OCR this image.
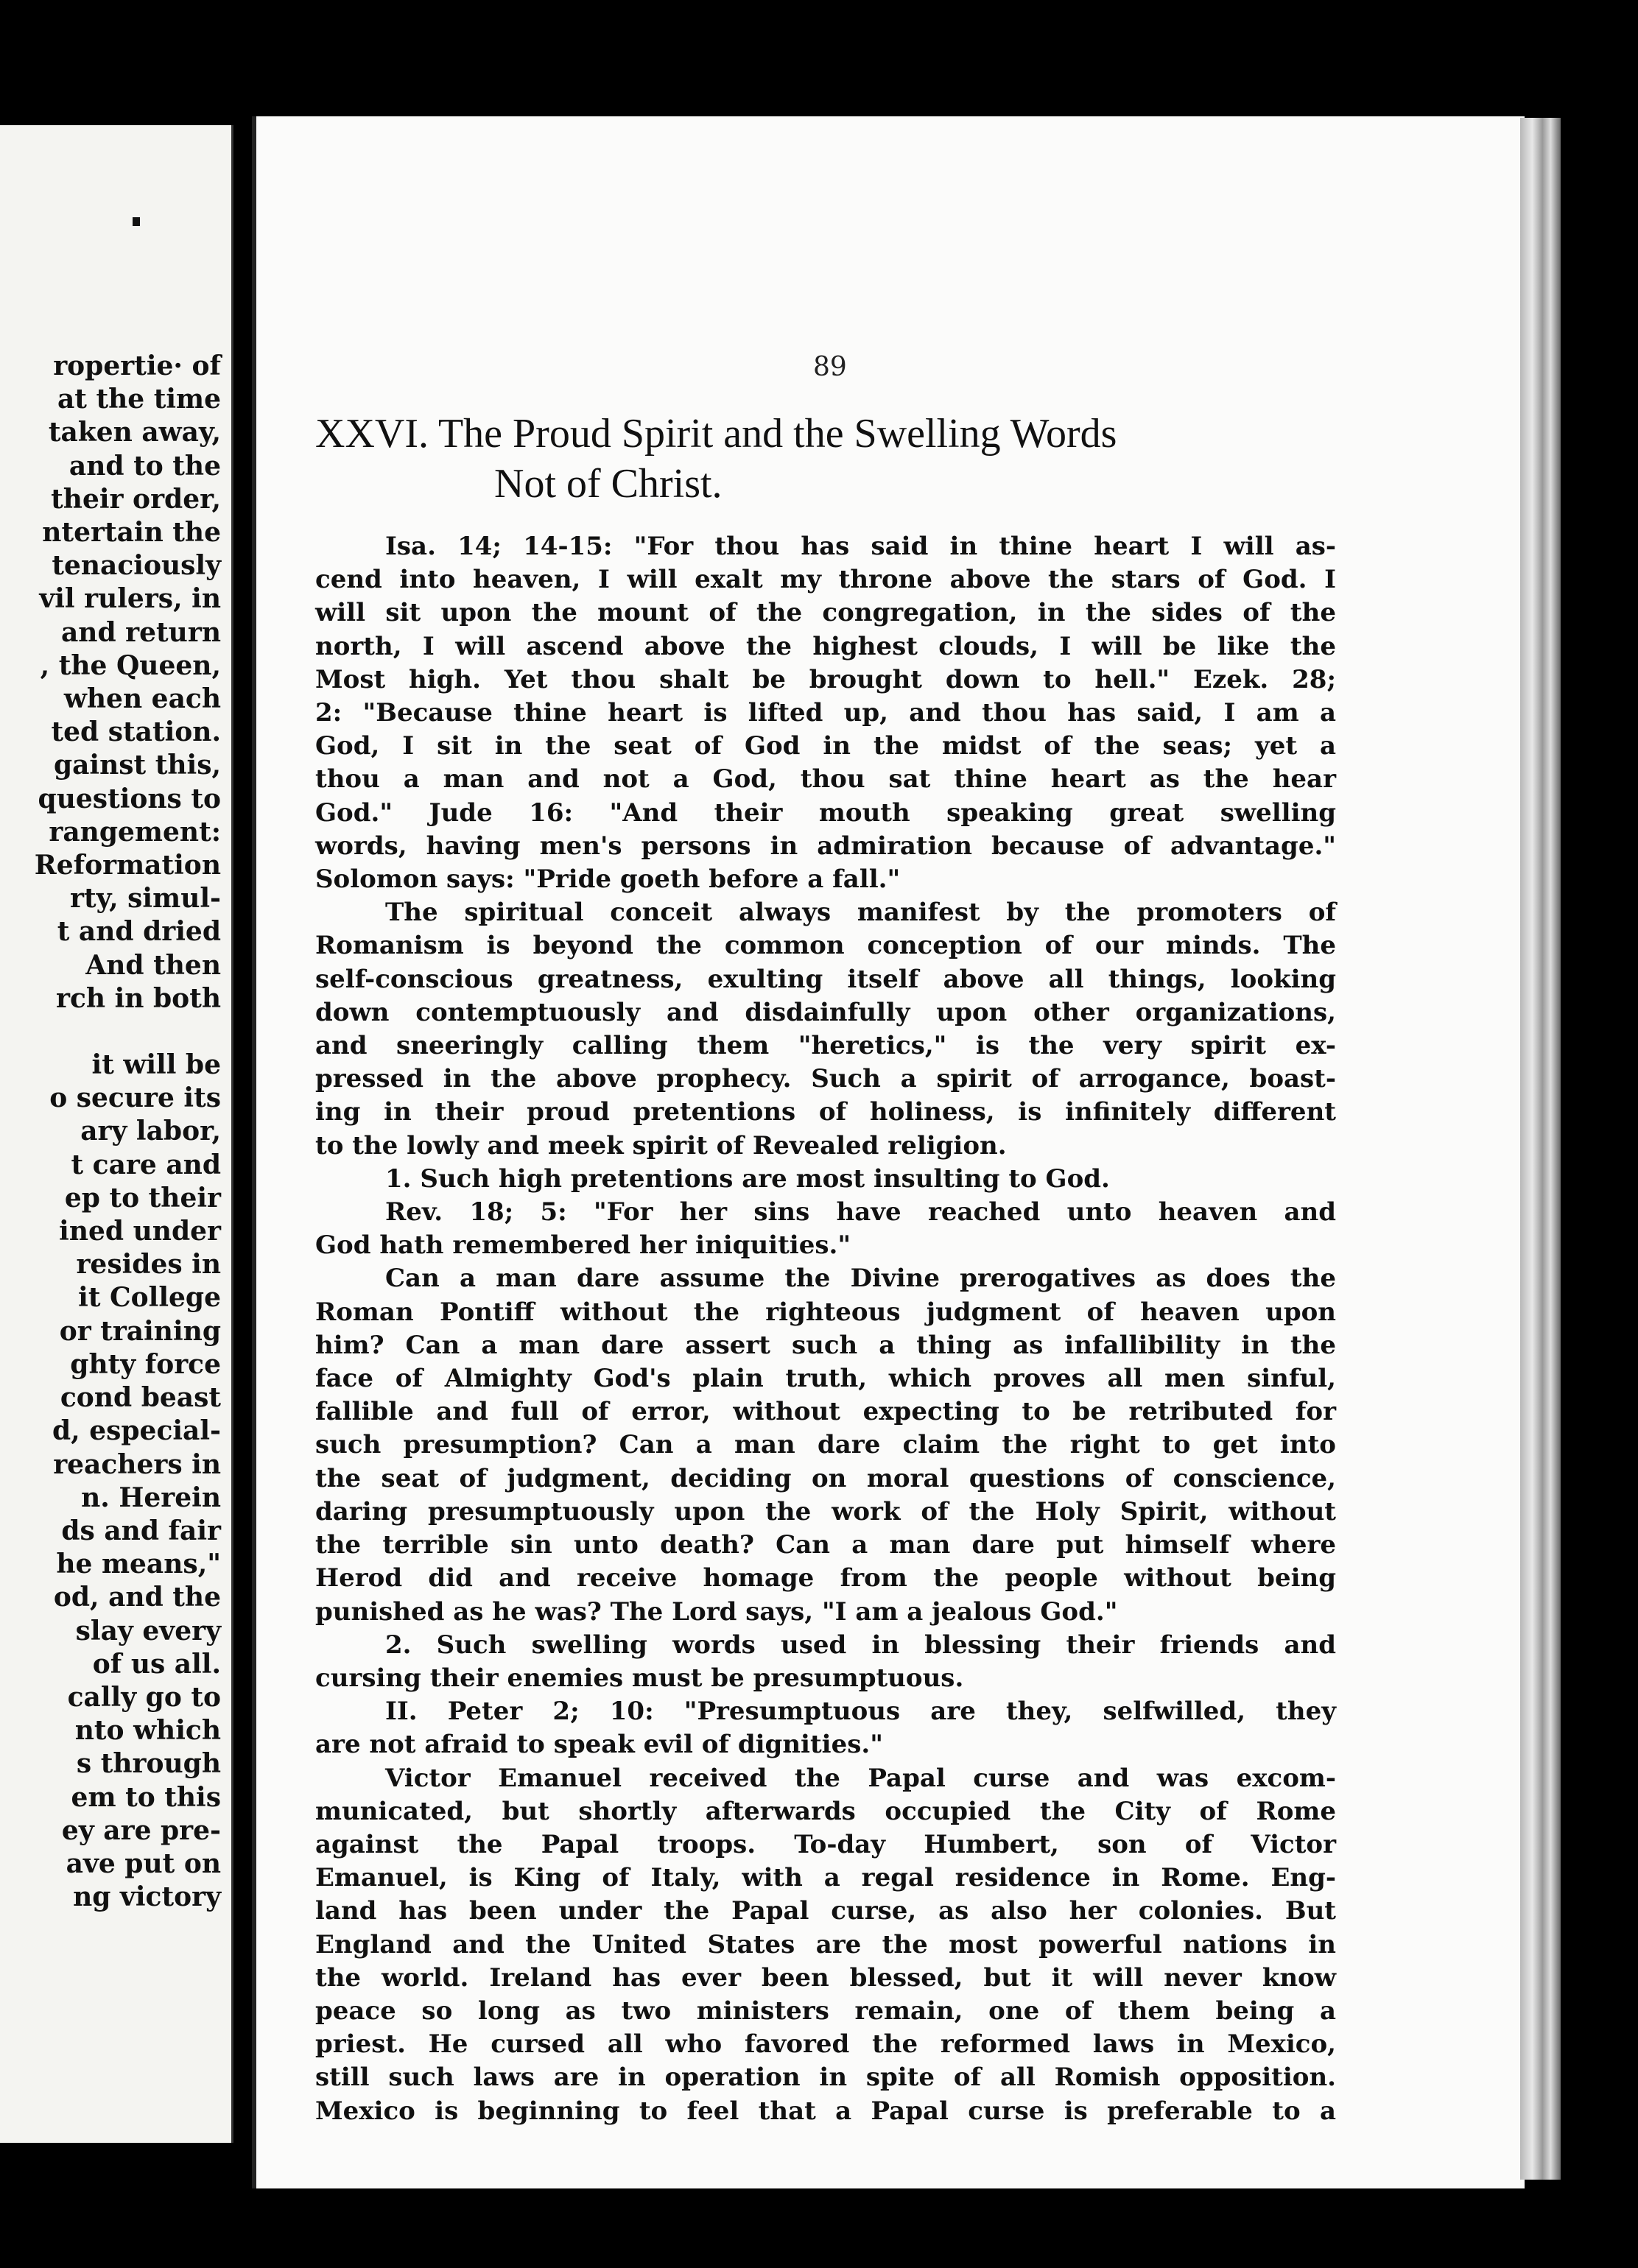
ropertie· of
at the time
taken away,
and to the
their order,
ntertain the
tenaciously
vil rulers, in
and return
, the Queen,
when each
ted station.
gainst this,
questions to
rangement:
Reformation
rty, simul-
t and dried
And then
rch in both
it will be
o secure its
ary labor,
t care and
ep to their
ined under
resides in
it College
or training
ghty force
cond beast
d, especial-
reachers in
n. Herein
ds and fair
he means,"
od, and the
slay every
of us all.
cally go to
nto which
s through
em to this
ey are pre-
ave put on
ng victory
89
XXVI. The Proud Spirit and the Swelling Words
Not of Christ.
Isa. 14; 14-15: "For thou has said in thine heart I will as-
cend into heaven, I will exalt my throne above the stars of God. I
will sit upon the mount of the congregation, in the sides of the
north, I will ascend above the highest clouds, I will be like the
Most high. Yet thou shalt be brought down to hell." Ezek. 28;
2: "Because thine heart is lifted up, and thou has said, I am a
God, I sit in the seat of God in the midst of the seas; yet a
thou a man and not a God, thou sat thine heart as the hear
God." Jude 16: "And their mouth speaking great swelling
words, having men's persons in admiration because of advantage."
Solomon says: "Pride goeth before a fall."
The spiritual conceit always manifest by the promoters of
Romanism is beyond the common conception of our minds. The
self-conscious greatness, exulting itself above all things, looking
down contemptuously and disdainfully upon other organizations,
and sneeringly calling them "heretics," is the very spirit ex-
pressed in the above prophecy. Such a spirit of arrogance, boast-
ing in their proud pretentions of holiness, is infinitely different
to the lowly and meek spirit of Revealed religion.
1. Such high pretentions are most insulting to God.
Rev. 18; 5: "For her sins have reached unto heaven and
God hath remembered her iniquities."
Can a man dare assume the Divine prerogatives as does the
Roman Pontiff without the righteous judgment of heaven upon
him? Can a man dare assert such a thing as infallibility in the
face of Almighty God's plain truth, which proves all men sinful,
fallible and full of error, without expecting to be retributed for
such presumption? Can a man dare claim the right to get into
the seat of judgment, deciding on moral questions of conscience,
daring presumptuously upon the work of the Holy Spirit, without
the terrible sin unto death? Can a man dare put himself where
Herod did and receive homage from the people without being
punished as he was? The Lord says, "I am a jealous God."
2. Such swelling words used in blessing their friends and
cursing their enemies must be presumptuous.
II. Peter 2; 10: "Presumptuous are they, selfwilled, they
are not afraid to speak evil of dignities."
Victor Emanuel received the Papal curse and was excom-
municated, but shortly afterwards occupied the City of Rome
against the Papal troops. To-day Humbert, son of Victor
Emanuel, is King of Italy, with a regal residence in Rome. Eng-
land has been under the Papal curse, as also her colonies. But
England and the United States are the most powerful nations in
the world. Ireland has ever been blessed, but it will never know
peace so long as two ministers remain, one of them being a
priest. He cursed all who favored the reformed laws in Mexico,
still such laws are in operation in spite of all Romish opposition.
Mexico is beginning to feel that a Papal curse is preferable to a
